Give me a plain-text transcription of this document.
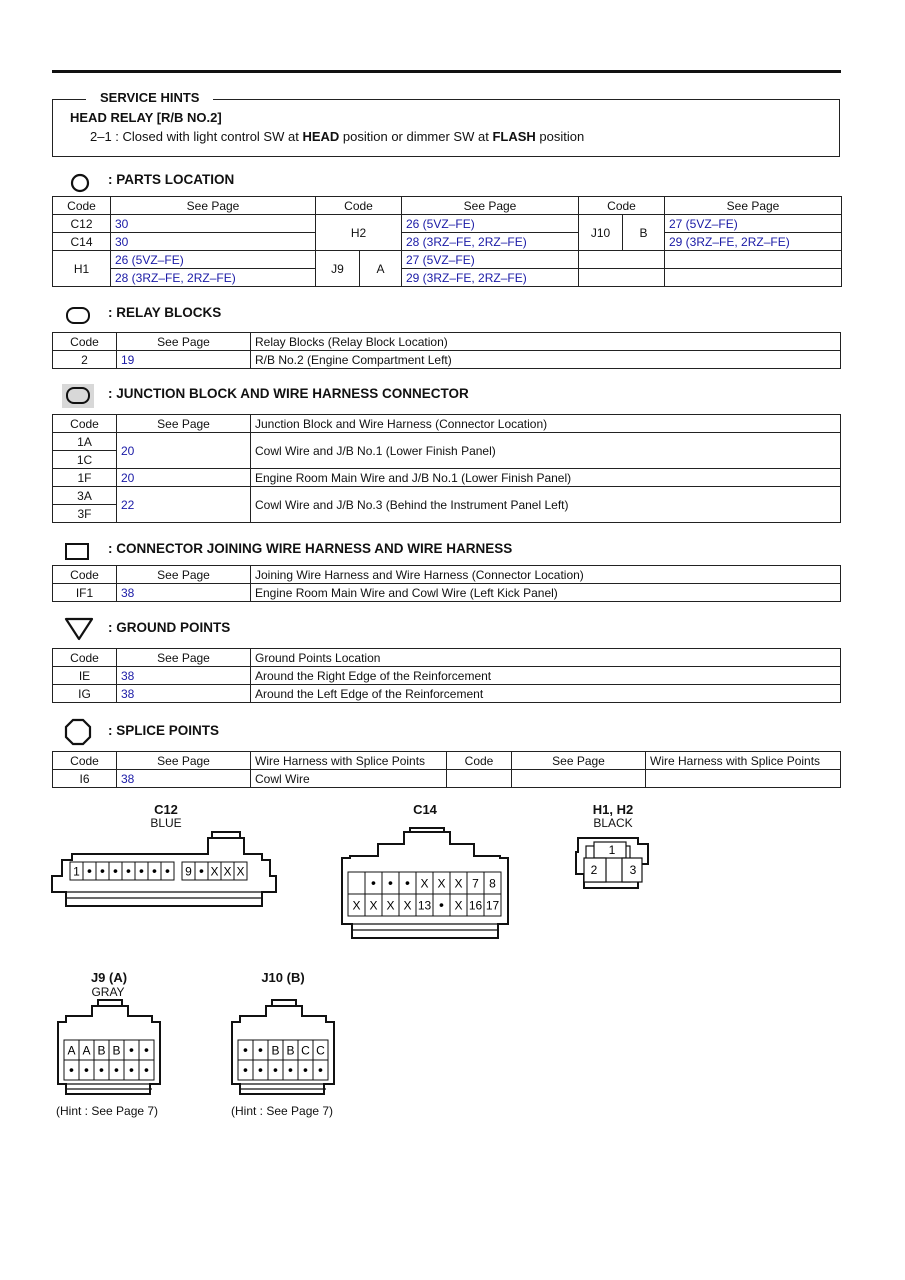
SERVICE HINTS
HEAD RELAY [R/B NO.2]
2–1 : Closed with light control SW at HEAD position or dimmer SW at FLASH position
: PARTS LOCATION
Code	See Page	Code		See Page	Code		See Page
C12	30	H2		26 (5VZ–FE)	J10	B	27 (5VZ–FE)
C14	30			28 (3RZ–FE, 2RZ–FE)			29 (3RZ–FE, 2RZ–FE)
H1	26 (5VZ–FE)	J9	A	27 (5VZ–FE)			
	28 (3RZ–FE, 2RZ–FE)			29 (3RZ–FE, 2RZ–FE)			
: RELAY BLOCKS
Code	See Page	Relay Blocks (Relay Block Location)
2	19	R/B No.2 (Engine Compartment Left)
: JUNCTION BLOCK AND WIRE HARNESS CONNECTOR
Code	See Page	Junction Block and Wire Harness (Connector Location)
1A	20	Cowl Wire and J/B No.1 (Lower Finish Panel)
1C		
1F	20	Engine Room Main Wire and J/B No.1 (Lower Finish Panel)
3A	22	Cowl Wire and J/B No.3 (Behind the Instrument Panel Left)
3F		
: CONNECTOR JOINING WIRE HARNESS AND WIRE HARNESS
Code	See Page	Joining Wire Harness and Wire Harness (Connector Location)
IF1	38	Engine Room Main Wire and Cowl Wire (Left Kick Panel)
: GROUND POINTS
Code	See Page	Ground Points Location
IE	38	Around the Right Edge of the Reinforcement
IG	38	Around the Left Edge of the Reinforcement
: SPLICE POINTS
Code	See Page	Wire Harness with Splice Points	Code	See Page	Wire Harness with Splice Points
I6	38	Cowl Wire			
C12
BLUE
1 • • • • • • • 9 • X X X
C14
• • • X X X 7 8
X X X X 13 • X 16 17
H1, H2
BLACK
1
2	3
J9 (A)
GRAY
A A B B • •
• • • • • •
(Hint : See Page 7)
J10 (B)
• • B B C C
• • • • • •
(Hint : See Page 7)
